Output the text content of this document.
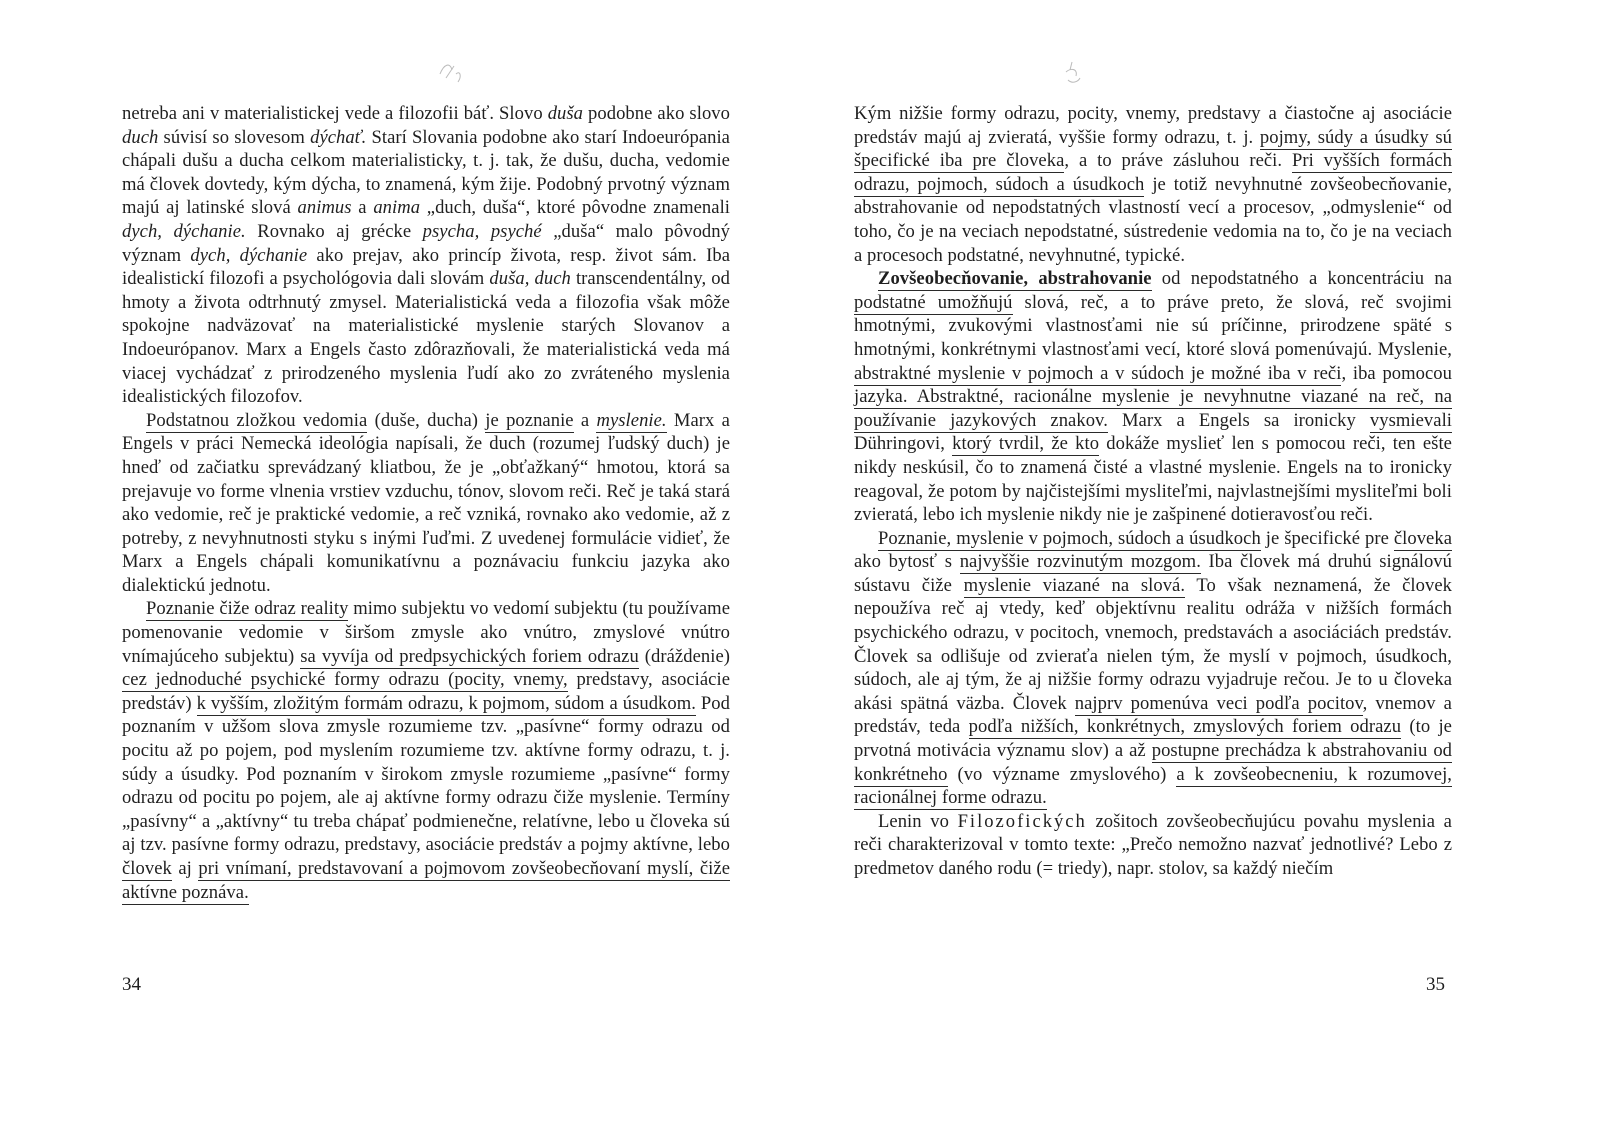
netreba ani v materialistickej vede a filozofii báť. Slovo duša podobne ako slovo duch súvisí so slovesom dýchať. Starí Slovania podobne ako starí Indoeurópania chápali dušu a ducha celkom materialisticky, t. j. tak, že dušu, ducha, vedomie má človek dovtedy, kým dýcha, to znamená, kým žije. Podobný prvotný význam majú aj latinské slová animus a anima „duch, duša“, ktoré pôvodne znamenali dych, dýchanie. Rovnako aj grécke psycha, psyché „duša“ malo pôvodný význam dych, dýchanie ako prejav, ako princíp života, resp. život sám. Iba idealistickí filozofi a psychológovia dali slovám duša, duch transcendentálny, od hmoty a života odtrhnutý zmysel. Materialistická veda a filozofia však môže spokojne nadväzovať na materialistické myslenie starých Slovanov a Indoeurópanov. Marx a Engels často zdôrazňovali, že materialistická veda má viacej vychádzať z prirodzeného myslenia ľudí ako zo zvráteného myslenia idealistických filozofov.

Podstatnou zložkou vedomia (duše, ducha) je poznanie a myslenie. Marx a Engels v práci Nemecká ideológia napísali, že duch (rozumej ľudský duch) je hneď od začiatku sprevádzaný kliatbou, že je „obťažkaný“ hmotou, ktorá sa prejavuje vo forme vlnenia vrstiev vzduchu, tónov, slovom reči. Reč je taká stará ako vedomie, reč je praktické vedomie, a reč vzniká, rovnako ako vedomie, až z potreby, z nevyhnutnosti styku s inými ľuďmi. Z uvedenej formulácie vidieť, že Marx a Engels chápali komunikatívnu a poznávaciu funkciu jazyka ako dialektickú jednotu.

Poznanie čiže odraz reality mimo subjektu vo vedomí subjektu (tu používame pomenovanie vedomie v širšom zmysle ako vnútro, zmyslové vnútro vnímajúceho subjektu) sa vyvíja od predpsychických foriem odrazu (dráždenie) cez jednoduché psychické formy odrazu (pocity, vnemy, predstavy, asociácie predstáv) k vyšším, zložitým formám odrazu, k pojmom, súdom a úsudkom. Pod poznaním v užšom slova zmysle rozumieme tzv. „pasívne“ formy odrazu od pocitu až po pojem, pod myslením rozumieme tzv. aktívne formy odrazu, t. j. súdy a úsudky. Pod poznaním v širokom zmysle rozumieme „pasívne“ formy odrazu od pocitu po pojem, ale aj aktívne formy odrazu čiže myslenie. Termíny „pasívny“ a „aktívny“ tu treba chápať podmienečne, relatívne, lebo u človeka sú aj tzv. pasívne formy odrazu, predstavy, asociácie predstáv a pojmy aktívne, lebo človek aj pri vnímaní, predstavovaní a pojmovom zovšeobecňovaní myslí, čiže aktívne poznáva.

34

Kým nižšie formy odrazu, pocity, vnemy, predstavy a čiastočne aj asociácie predstáv majú aj zvieratá, vyššie formy odrazu, t. j. pojmy, súdy a úsudky sú špecifické iba pre človeka, a to práve zásluhou reči. Pri vyšších formách odrazu, pojmoch, súdoch a úsudkoch je totiž nevyhnutné zovšeobecňovanie, abstrahovanie od nepodstatných vlastností vecí a procesov, „odmyslenie“ od toho, čo je na veciach nepodstatné, sústredenie vedomia na to, čo je na veciach a procesoch podstatné, nevyhnutné, typické.

Zovšeobecňovanie, abstrahovanie od nepodstatného a koncentráciu na podstatné umožňujú slová, reč, a to práve preto, že slová, reč svojimi hmotnými, zvukovými vlastnosťami nie sú príčinne, prirodzene späté s hmotnými, konkrétnymi vlastnosťami vecí, ktoré slová pomenúvajú. Myslenie, abstraktné myslenie v pojmoch a v súdoch je možné iba v reči, iba pomocou jazyka. Abstraktné, racionálne myslenie je nevyhnutne viazané na reč, na používanie jazykových znakov. Marx a Engels sa ironicky vysmievali Dühringovi, ktorý tvrdil, že kto dokáže myslieť len s pomocou reči, ten ešte nikdy neskúsil, čo to znamená čisté a vlastné myslenie. Engels na to ironicky reagoval, že potom by najčistejšími mysliteľmi, najvlastnejšími mysliteľmi boli zvieratá, lebo ich myslenie nikdy nie je zašpinené dotieravosťou reči.

Poznanie, myslenie v pojmoch, súdoch a úsudkoch je špecifické pre človeka ako bytosť s najvyššie rozvinutým mozgom. Iba človek má druhú signálovú sústavu čiže myslenie viazané na slová. To však neznamená, že človek nepoužíva reč aj vtedy, keď objektívnu realitu odráža v nižších formách psychického odrazu, v pocitoch, vnemoch, predstavách a asociáciách predstáv. Človek sa odlišuje od zvieraťa nielen tým, že myslí v pojmoch, úsudkoch, súdoch, ale aj tým, že aj nižšie formy odrazu vyjadruje rečou. Je to u človeka akási spätná väzba. Človek najprv pomenúva veci podľa pocitov, vnemov a predstáv, teda podľa nižších, konkrétnych, zmyslových foriem odrazu (to je prvotná motivácia významu slov) a až postupne prechádza k abstrahovaniu od konkrétneho (vo význame zmyslového) a k zovšeobecneniu, k rozumovej, racionálnej forme odrazu.

Lenin vo Filozofických zošitoch zovšeobecňujúcu povahu myslenia a reči charakterizoval v tomto texte: „Prečo nemožno nazvať jednotlivé? Lebo z predmetov daného rodu (= triedy), napr. stolov, sa každý niečím

35
